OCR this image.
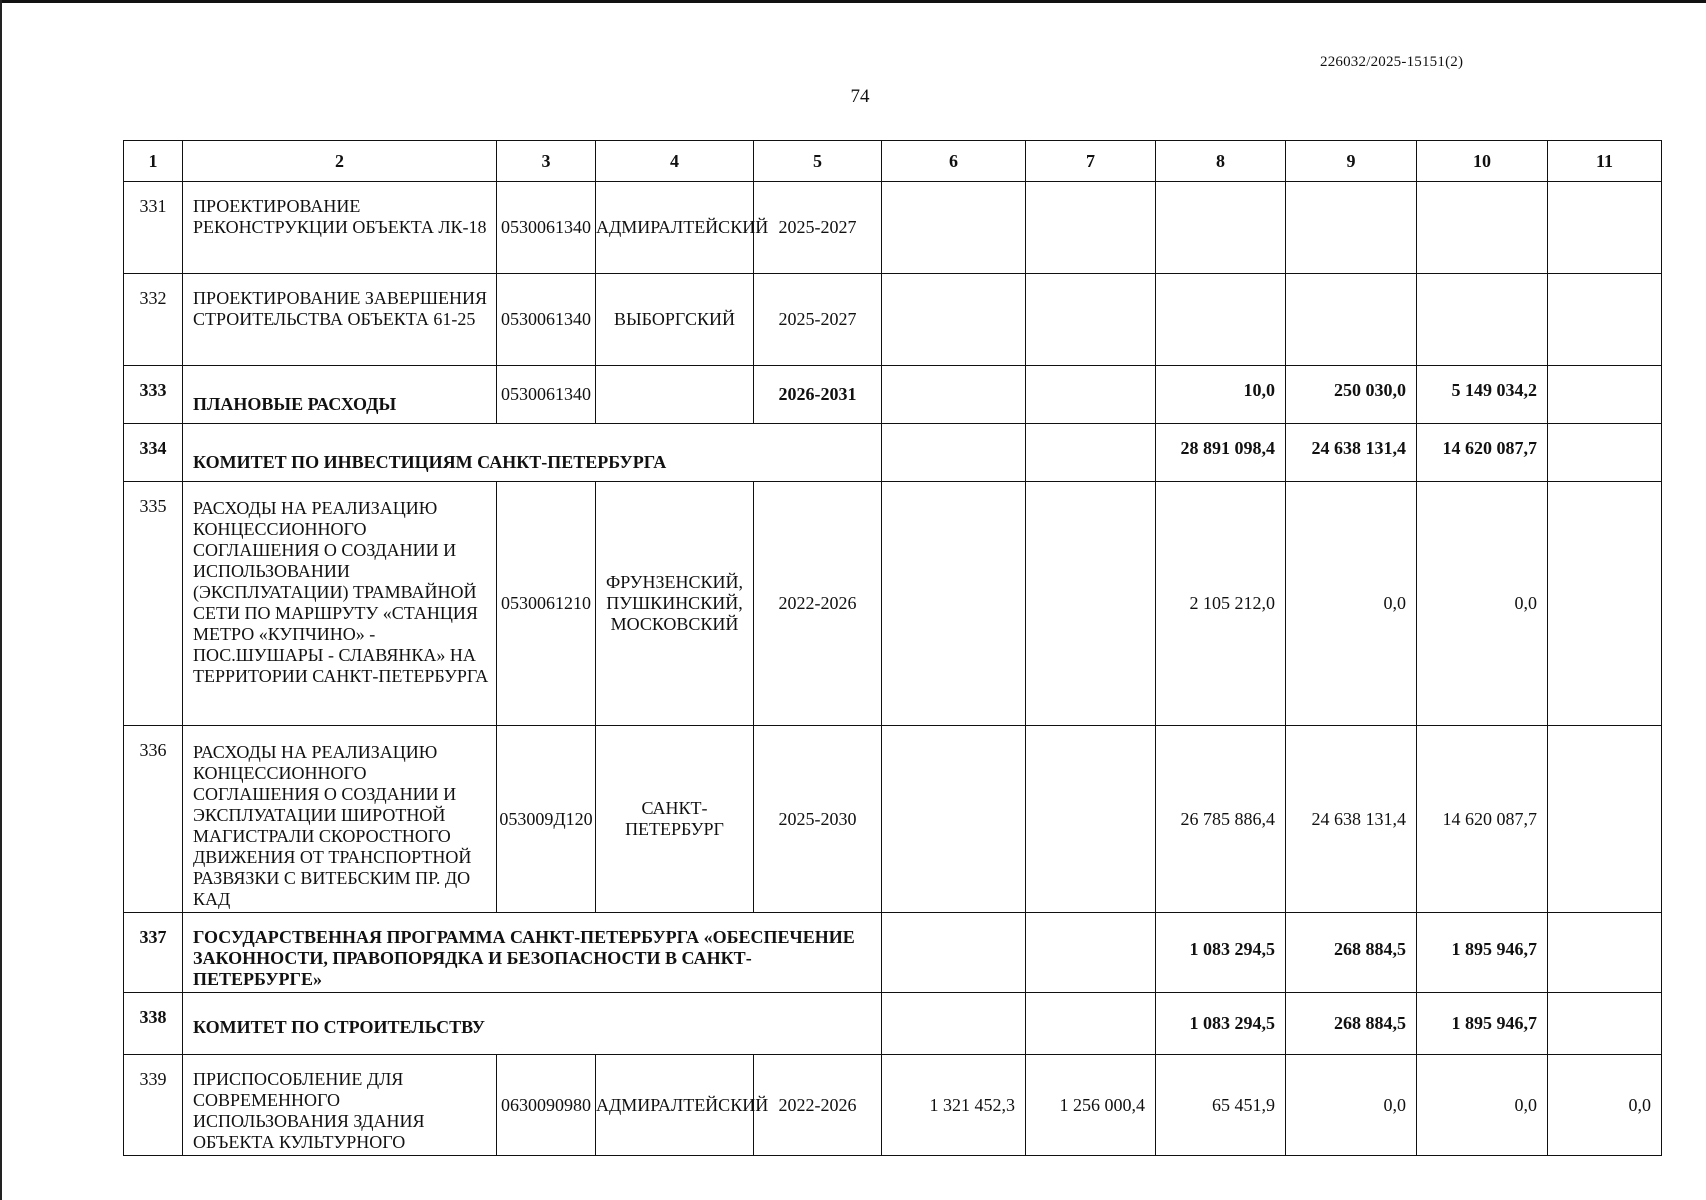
226032/2025-15151(2)
74
1	2	3	4	5	6	7	8	9	10	11
331	ПРОЕКТИРОВАНИЕ РЕКОНСТРУКЦИИ ОБЪЕКТА ЛК-18	0530061340	АДМИРАЛТЕЙСКИЙ	2025-2027						
332	ПРОЕКТИРОВАНИЕ ЗАВЕРШЕНИЯ СТРОИТЕЛЬСТВА ОБЪЕКТА 61-25	0530061340	ВЫБОРГСКИЙ	2025-2027						
333	ПЛАНОВЫЕ РАСХОДЫ	0530061340		2026-2031			10,0	250 030,0	5 149 034,2	
334	КОМИТЕТ ПО ИНВЕСТИЦИЯМ САНКТ-ПЕТЕРБУРГА						28 891 098,4	24 638 131,4	14 620 087,7	
335	РАСХОДЫ НА РЕАЛИЗАЦИЮ КОНЦЕССИОННОГО СОГЛАШЕНИЯ О СОЗДАНИИ И ИСПОЛЬЗОВАНИИ (ЭКСПЛУАТАЦИИ) ТРАМВАЙНОЙ СЕТИ ПО МАРШРУТУ «СТАНЦИЯ МЕТРО «КУПЧИНО» - ПОС.ШУШАРЫ - СЛАВЯНКА» НА ТЕРРИТОРИИ САНКТ-ПЕТЕРБУРГА	0530061210	ФРУНЗЕНСКИЙ, ПУШКИНСКИЙ, МОСКОВСКИЙ	2022-2026			2 105 212,0	0,0	0,0	
336	РАСХОДЫ НА РЕАЛИЗАЦИЮ КОНЦЕССИОННОГО СОГЛАШЕНИЯ О СОЗДАНИИ И ЭКСПЛУАТАЦИИ ШИРОТНОЙ МАГИСТРАЛИ СКОРОСТНОГО ДВИЖЕНИЯ ОТ ТРАНСПОРТНОЙ РАЗВЯЗКИ С ВИТЕБСКИМ ПР. ДО КАД	053009Д120	САНКТ-ПЕТЕРБУРГ	2025-2030			26 785 886,4	24 638 131,4	14 620 087,7	
337	ГОСУДАРСТВЕННАЯ ПРОГРАММА САНКТ-ПЕТЕРБУРГА «ОБЕСПЕЧЕНИЕ ЗАКОННОСТИ, ПРАВОПОРЯДКА И БЕЗОПАСНОСТИ В САНКТ-ПЕТЕРБУРГЕ»						1 083 294,5	268 884,5	1 895 946,7	
338	КОМИТЕТ ПО СТРОИТЕЛЬСТВУ						1 083 294,5	268 884,5	1 895 946,7	
339	ПРИСПОСОБЛЕНИЕ ДЛЯ СОВРЕМЕННОГО ИСПОЛЬЗОВАНИЯ ЗДАНИЯ ОБЪЕКТА КУЛЬТУРНОГО	0630090980	АДМИРАЛТЕЙСКИЙ	2022-2026	1 321 452,3	1 256 000,4	65 451,9	0,0	0,0	0,0
